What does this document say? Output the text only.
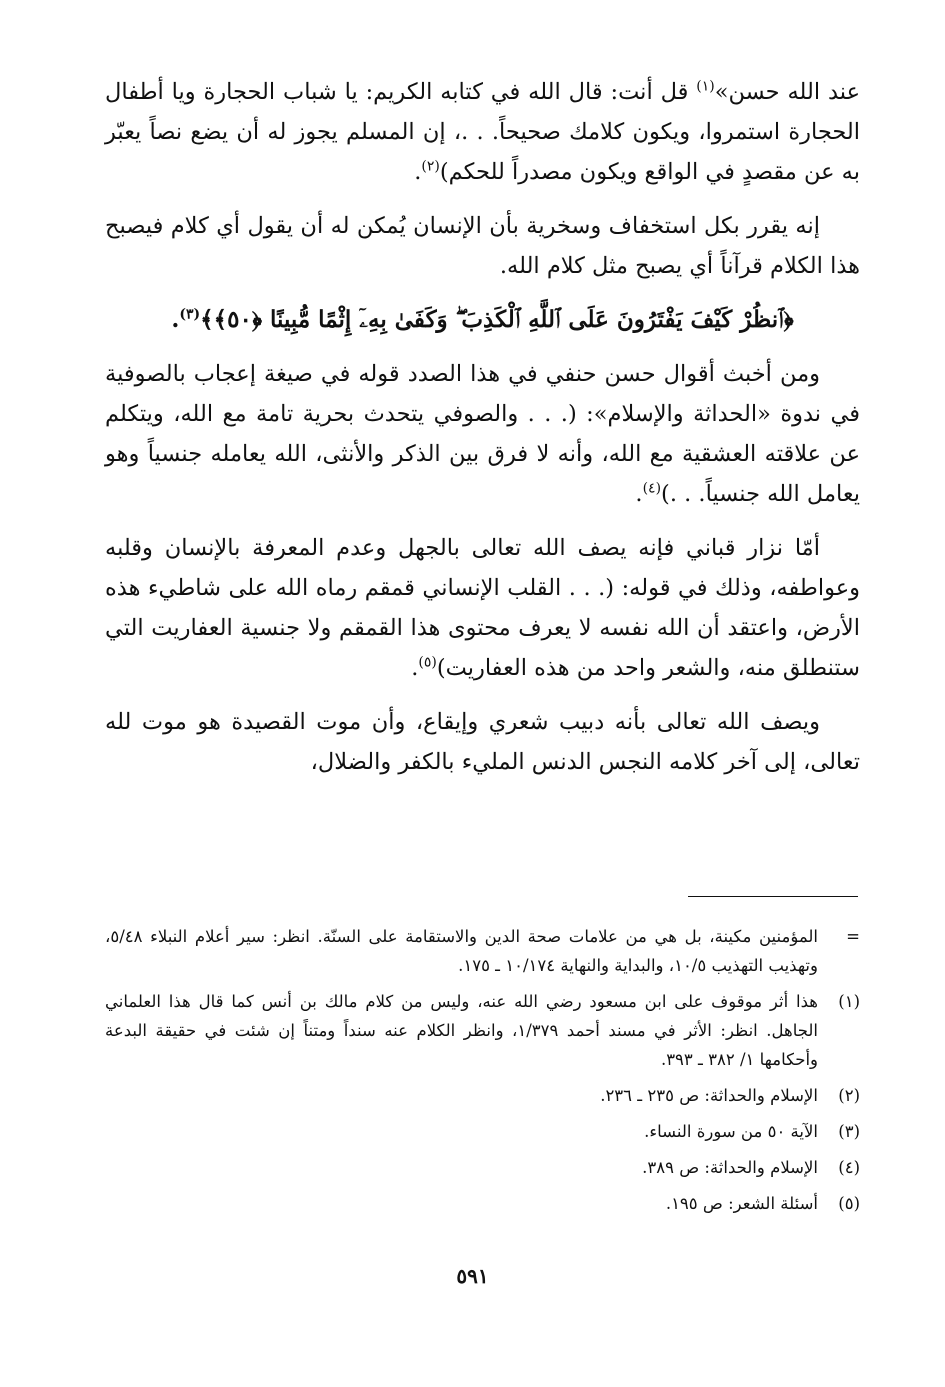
عند الله حسن»$^{(١)}$ قل أنت: قال الله في كتابه الكريم: يا شباب الحجارة ويا أطفال الحجارة استمروا، ويكون كلامك صحيحاً. . .، إن المسلم يجوز له أن يضع نصاً يعبّر به عن مقصدٍ في الواقع ويكون مصدراً للحكم)$^{(٢)}$.

إنه يقرر بكل استخفاف وسخرية بأن الإنسان يُمكن له أن يقول أي كلام فيصبح هذا الكلام قرآناً أي يصبح مثل كلام الله.

﴿ٱنظُرْ كَيْفَ يَفْتَرُونَ عَلَى ٱللَّهِ ٱلْكَذِبَ ۖ وَكَفَىٰ بِهِۦٓ إِثْمًا مُّبِينًا ﴿٥٠﴾﴾$^{(٣)}$.

ومن أخبث أقوال حسن حنفي في هذا الصدد قوله في صيغة إعجاب بالصوفية في ندوة «الحداثة والإسلام»: (. . . والصوفي يتحدث بحرية تامة مع الله، ويتكلم عن علاقته العشقية مع الله، وأنه لا فرق بين الذكر والأنثى، الله يعامله جنسياً وهو يعامل الله جنسياً. . .)$^{(٤)}$.

أمّا نزار قباني فإنه يصف الله تعالى بالجهل وعدم المعرفة بالإنسان وقلبه وعواطفه، وذلك في قوله: (. . . القلب الإنساني قمقم رماه الله على شاطيء هذه الأرض، واعتقد أن الله نفسه لا يعرف محتوى هذا القمقم ولا جنسية العفاريت التي ستنطلق منه، والشعر واحد من هذه العفاريت)$^{(٥)}$.

ويصف الله تعالى بأنه دبيب شعري وإيقاع، وأن موت القصيدة هو موت لله تعالى، إلى آخر كلامه النجس الدنس المليء بالكفر والضلال،

=
المؤمنين مكينة، بل هي من علامات صحة الدين والاستقامة على السنّة. انظر: سير أعلام النبلاء ٥/٤٨، وتهذيب التهذيب ١٠/٥، والبداية والنهاية ١٠/١٧٤ ـ ١٧٥.
(١)
هذا أثر موقوف على ابن مسعود رضي الله عنه، وليس من كلام مالك بن أنس كما قال هذا العلماني الجاهل. انظر: الأثر في مسند أحمد ١/٣٧٩، وانظر الكلام عنه سنداً ومتناً إن شئت في حقيقة البدعة وأحكامها ١/ ٣٨٢ ـ ٣٩٣.
(٢)
الإسلام والحداثة: ص ٢٣٥ ـ ٢٣٦.
(٣)
الآية ٥٠ من سورة النساء.
(٤)
الإسلام والحداثة: ص ٣٨٩.
(٥)
أسئلة الشعر: ص ١٩٥.
٥٩١
